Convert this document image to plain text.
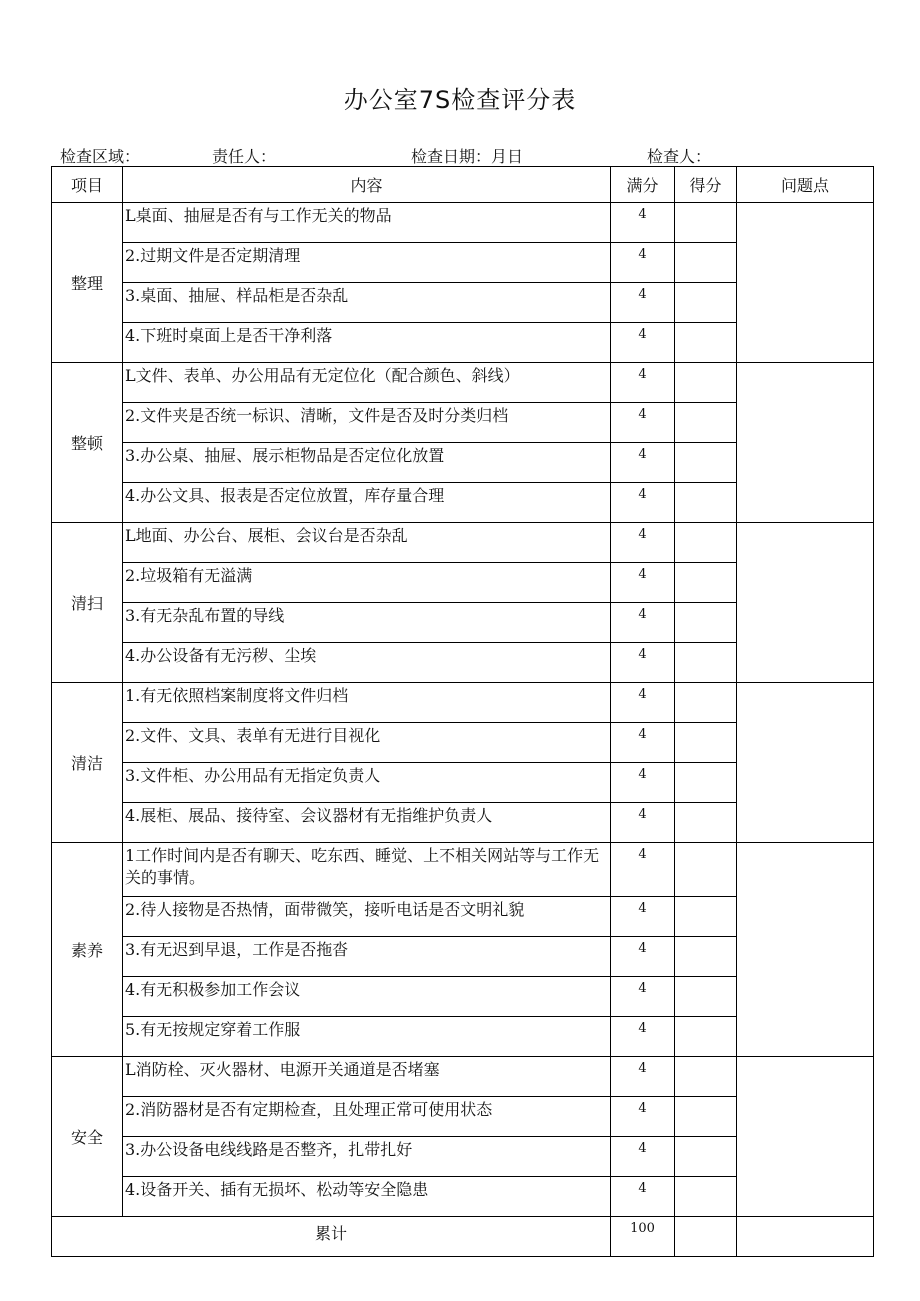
办公室7S检查评分表
检查区域：	责任人：	检查日期：月日	检查人：
项目	内容	满分	得分	问题点
整理	L桌面、抽屉是否有与工作无关的物品	4		
	2.过期文件是否定期清理	4		
	3.桌面、抽屉、样品柜是否杂乱	4		
	4.下班时桌面上是否干净利落	4		
整顿	L文件、表单、办公用品有无定位化（配合颜色、斜线）	4		
	2.文件夹是否统一标识、清晰，文件是否及时分类归档	4		
	3.办公桌、抽屉、展示柜物品是否定位化放置	4		
	4.办公文具、报表是否定位放置，库存量合理	4		
清扫	L地面、办公台、展柜、会议台是否杂乱	4		
	2.垃圾箱有无溢满	4		
	3.有无杂乱布置的导线	4		
	4.办公设备有无污秽、尘埃	4		
清洁	1.有无依照档案制度将文件归档	4		
	2.文件、文具、表单有无进行目视化	4		
	3.文件柜、办公用品有无指定负责人	4		
	4.展柜、展品、接待室、会议器材有无指维护负责人	4		
素养	1工作时间内是否有聊天、吃东西、睡觉、上不相关网站等与工作无关的事情。	4		
	2.待人接物是否热情，面带微笑，接听电话是否文明礼貌	4		
	3.有无迟到早退，工作是否拖沓	4		
	4.有无积极参加工作会议	4		
	5.有无按规定穿着工作服	4		
安全	L消防栓、灭火器材、电源开关通道是否堵塞	4		
	2.消防器材是否有定期检查，且处理正常可使用状态	4		
	3.办公设备电线线路是否整齐，扎带扎好	4		
	4.设备开关、插有无损坏、松动等安全隐患	4		
累计		100		
